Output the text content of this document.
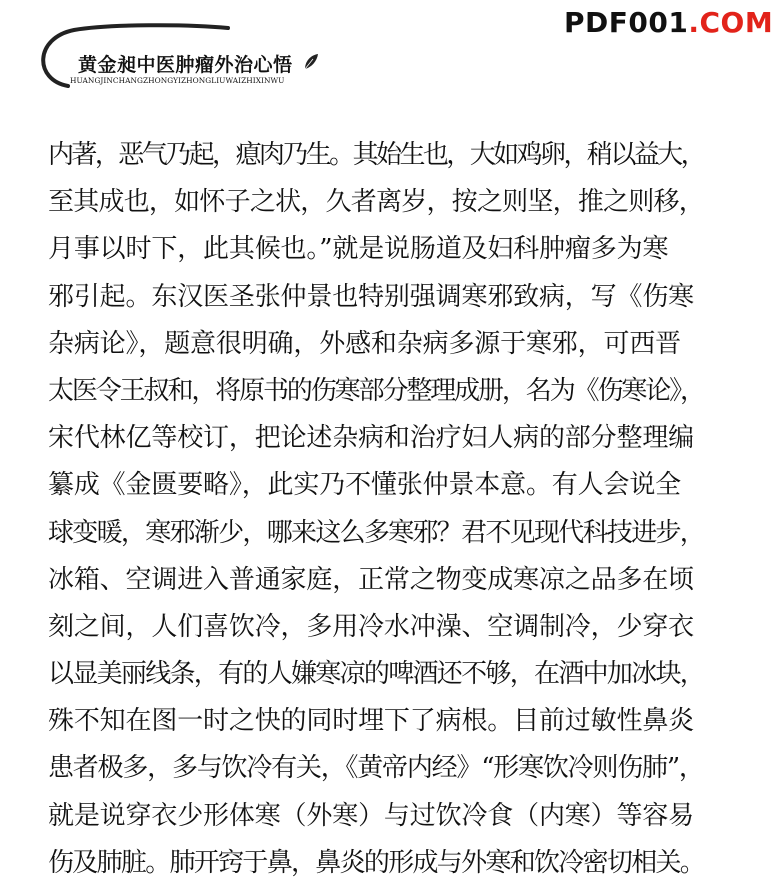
黄金昶中医肿瘤外治心悟

HUANGJINCHANGZHONGYIZHONGLIUWAIZHIXINWU

PDF001.COM

内著，恶气乃起，瘜肉乃生。其始生也，大如鸡卵，稍以益大，
至其成也，如怀子之状，久者离岁，按之则坚，推之则移，
月事以时下，此其候也。”就是说肠道及妇科肿瘤多为寒
邪引起。东汉医圣张仲景也特别强调寒邪致病，写《伤寒
杂病论》，题意很明确，外感和杂病多源于寒邪，可西晋
太医令王叔和，将原书的伤寒部分整理成册，名为《伤寒论》，
宋代林亿等校订，把论述杂病和治疗妇人病的部分整理编
纂成《金匮要略》，此实乃不懂张仲景本意。有人会说全
球变暖，寒邪渐少，哪来这么多寒邪？君不见现代科技进步，
冰箱、空调进入普通家庭，正常之物变成寒凉之品多在顷
刻之间，人们喜饮冷，多用冷水冲澡、空调制冷，少穿衣
以显美丽线条，有的人嫌寒凉的啤酒还不够，在酒中加冰块，
殊不知在图一时之快的同时埋下了病根。目前过敏性鼻炎
患者极多，多与饮冷有关，《黄帝内经》“形寒饮冷则伤肺”，
就是说穿衣少形体寒（外寒）与过饮冷食（内寒）等容易
伤及肺脏。肺开窍于鼻，鼻炎的形成与外寒和饮冷密切相关。
